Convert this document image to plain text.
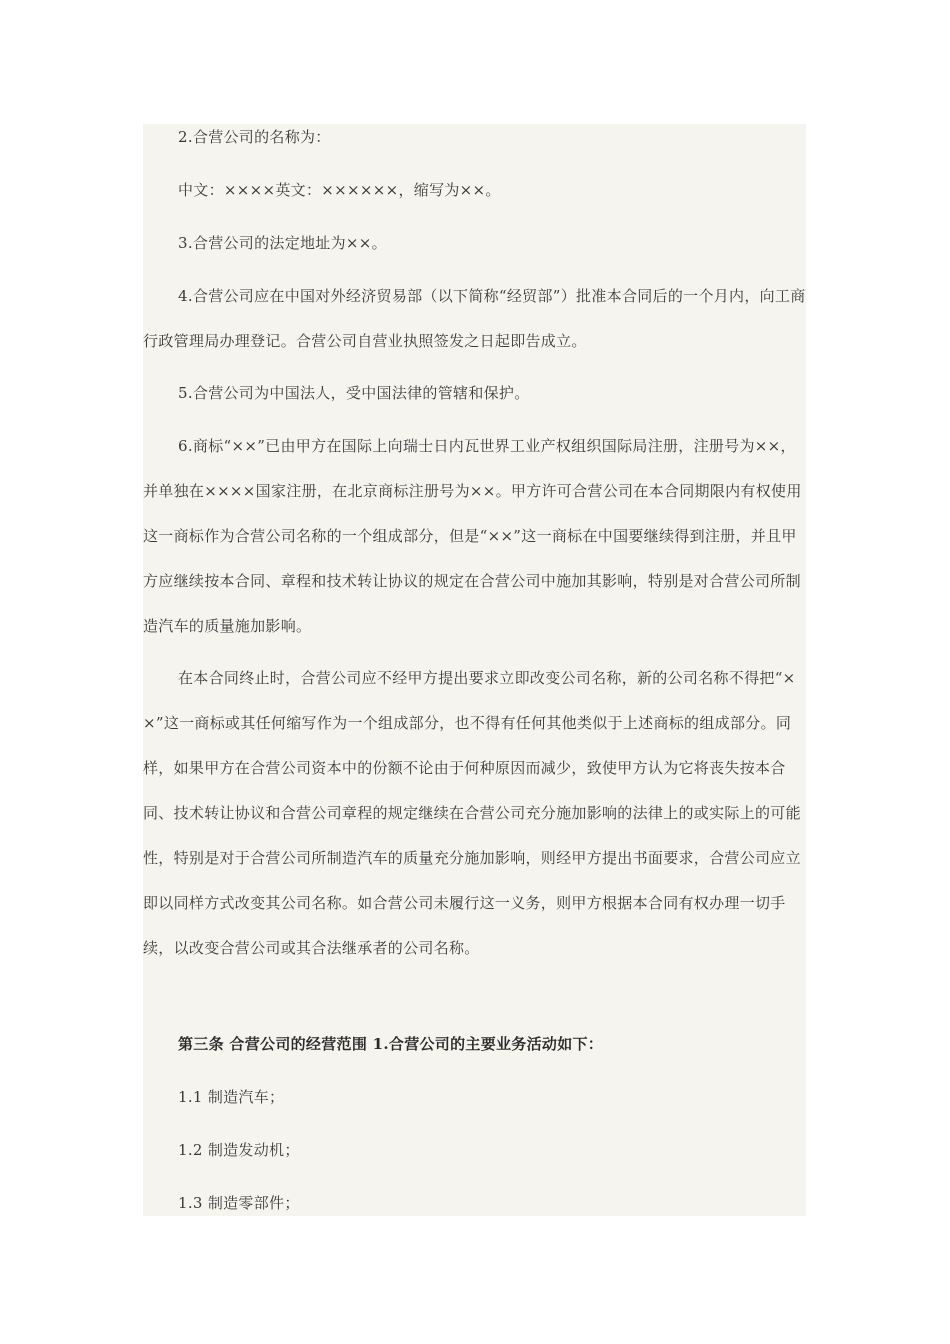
2.合营公司的名称为：

中文：××××英文：××××××，缩写为××。

3.合营公司的法定地址为××。

4.合营公司应在中国对外经济贸易部（以下简称“经贸部”）批准本合同后的一个月内，向工商行政管理局办理登记。合营公司自营业执照签发之日起即告成立。

5.合营公司为中国法人，受中国法律的管辖和保护。

6.商标“××”已由甲方在国际上向瑞士日内瓦世界工业产权组织国际局注册，注册号为××，并单独在××××国家注册，在北京商标注册号为××。甲方许可合营公司在本合同期限内有权使用这一商标作为合营公司名称的一个组成部分，但是“××”这一商标在中国要继续得到注册，并且甲方应继续按本合同、章程和技术转让协议的规定在合营公司中施加其影响，特别是对合营公司所制造汽车的质量施加影响。

在本合同终止时，合营公司应不经甲方提出要求立即改变公司名称，新的公司名称不得把“××”这一商标或其任何缩写作为一个组成部分，也不得有任何其他类似于上述商标的组成部分。同样，如果甲方在合营公司资本中的份额不论由于何种原因而减少，致使甲方认为它将丧失按本合同、技术转让协议和合营公司章程的规定继续在合营公司充分施加影响的法律上的或实际上的可能性，特别是对于合营公司所制造汽车的质量充分施加影响，则经甲方提出书面要求，合营公司应立即以同样方式改变其公司名称。如合营公司未履行这一义务，则甲方根据本合同有权办理一切手续，以改变合营公司或其合法继承者的公司名称。

第三条 合营公司的经营范围 1.合营公司的主要业务活动如下：

1.1 制造汽车；

1.2 制造发动机；

1.3 制造零部件；
